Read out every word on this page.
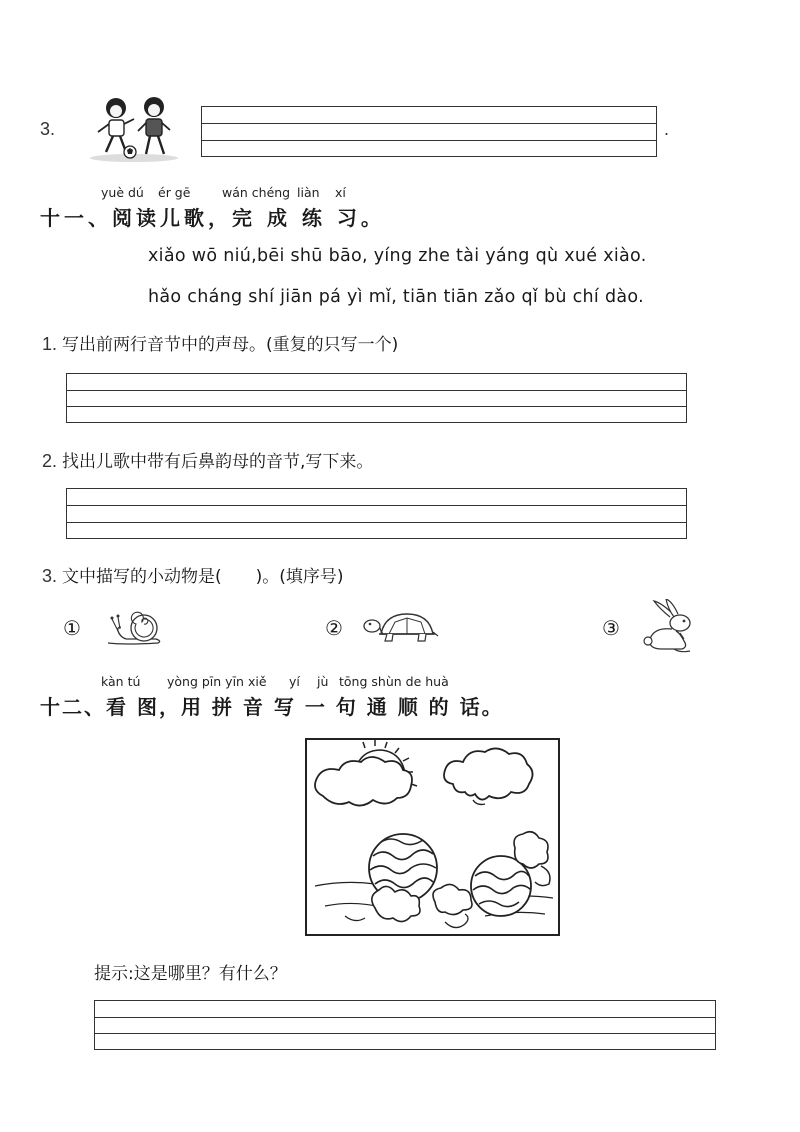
3.	.
yuè dú ér gē	wán chéng liàn xí
十一、阅读儿歌，完 成 练 习。
xiǎo wō niú,bēi shū bāo, yíng zhe tài yáng qù xué xiào.
hǎo cháng shí jiān pá yì mǐ, tiān tiān zǎo qǐ bù chí dào.
1. 写出前两行音节中的声母。(重复的只写一个)
2. 找出儿歌中带有后鼻韵母的音节,写下来。
3. 文中描写的小动物是(　　)。(填序号)
①	②	③
kàn tú yòng pīn yīn xiě yí jù tōng shùn de huà
十二、看 图，用 拼 音 写 一 句 通 顺 的 话。
提示:这是哪里？有什么？
